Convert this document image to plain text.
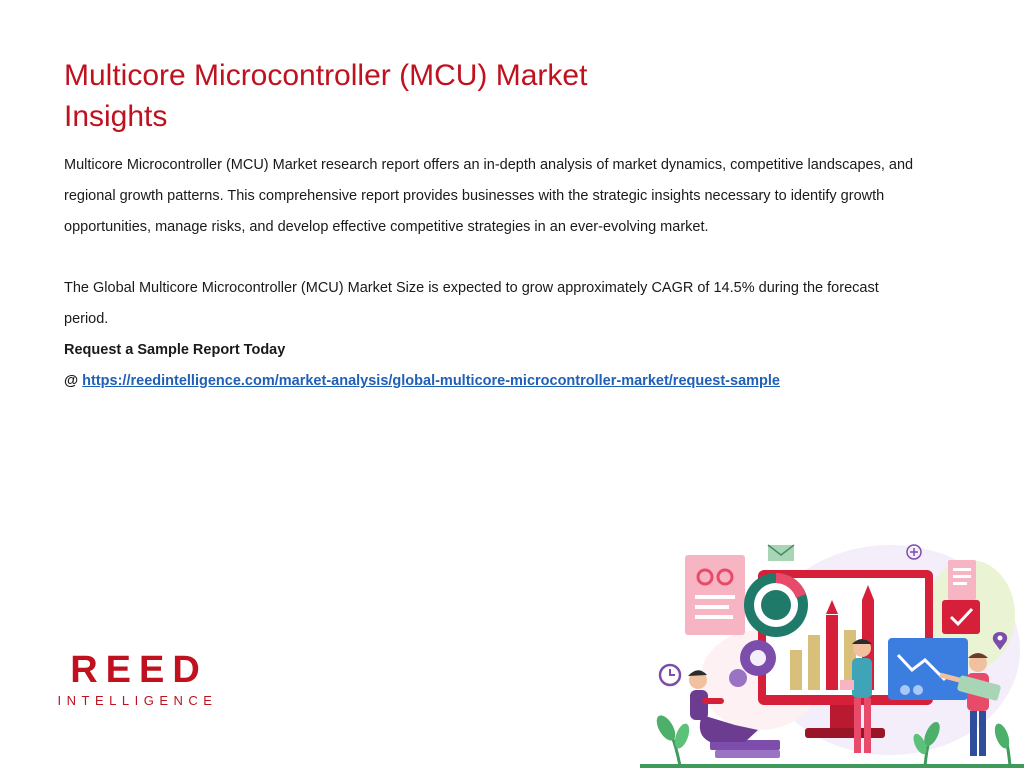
Multicore Microcontroller (MCU) Market Insights

Multicore Microcontroller (MCU) Market research report offers an in-depth analysis of market dynamics, competitive landscapes, and regional growth patterns. This comprehensive report provides businesses with the strategic insights necessary to identify growth opportunities, manage risks, and develop effective competitive strategies in an ever-evolving market.

The Global Multicore Microcontroller (MCU) Market Size is expected to grow approximately CAGR of 14.5% during the forecast period.

Request a Sample Report Today

@ https://reedintelligence.com/market-analysis/global-multicore-microcontroller-market/request-sample

REED
INTELLIGENCE
